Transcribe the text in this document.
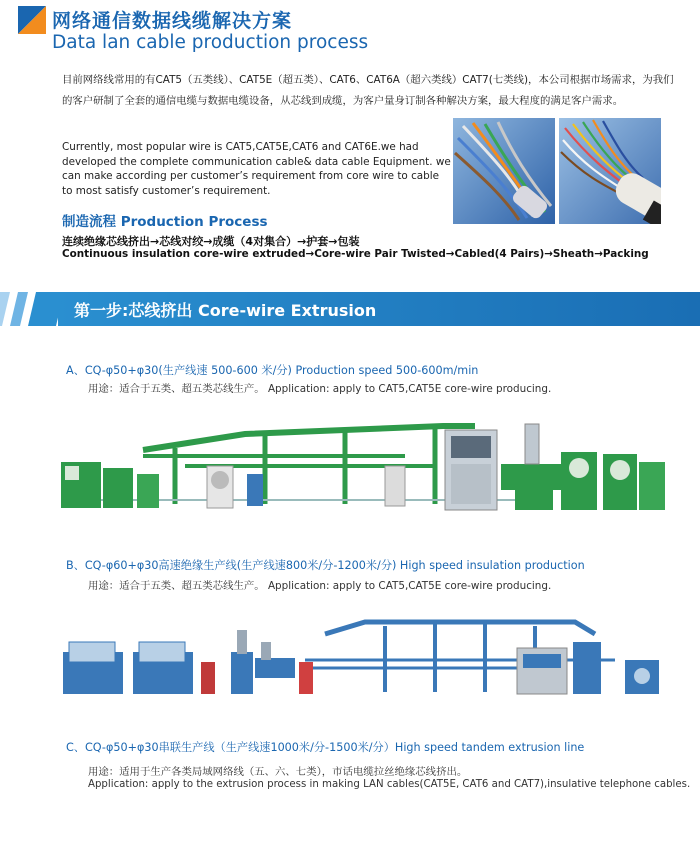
网络通信数据线缆解决方案
Data lan cable production process
目前网络线常用的有CAT5（五类线）、CAT5E（超五类）、CAT6、CAT6A（超六类线）CAT7(七类线)，本公司根据市场需求，为我们的客户研制了全套的通信电缆与数据电缆设备，从芯线到成缆，为客户量身订制各种解决方案，最大程度的满足客户需求。
Currently, most popular wire is CAT5,CAT5E,CAT6 and CAT6E.we had developed the complete communication cable& data cable Equipment. we can make according per customer’s requirement from core wire to cable to most satisfy customer’s requirement.
制造流程 Production Process
连续绝缘芯线挤出→芯线对绞→成缆（4对集合）→护套→包装
Continuous insulation core-wire extruded→Core-wire Pair Twisted→Cabled(4 Pairs)→Sheath→Packing
第一步:芯线挤出 Core-wire Extrusion
A、CQ-φ50+φ30(生产线速 500-600 米/分) Production speed 500-600m/min
用途：适合于五类、超五类芯线生产。 Application: apply to CAT5,CAT5E core-wire producing.
B、CQ-φ60+φ30高速绝缘生产线(生产线速800米/分-1200米/分) High speed insulation production
用途：适合于五类、超五类芯线生产。 Application: apply to CAT5,CAT5E core-wire producing.
C、CQ-φ50+φ30串联生产线（生产线速1000米/分-1500米/分）High speed tandem extrusion line
用途：适用于生产各类局域网络线（五、六、七类），市话电缆拉丝绝缘芯线挤出。
Application: apply to the extrusion process in making LAN cables(CAT5E, CAT6 and CAT7),insulative telephone cables.
